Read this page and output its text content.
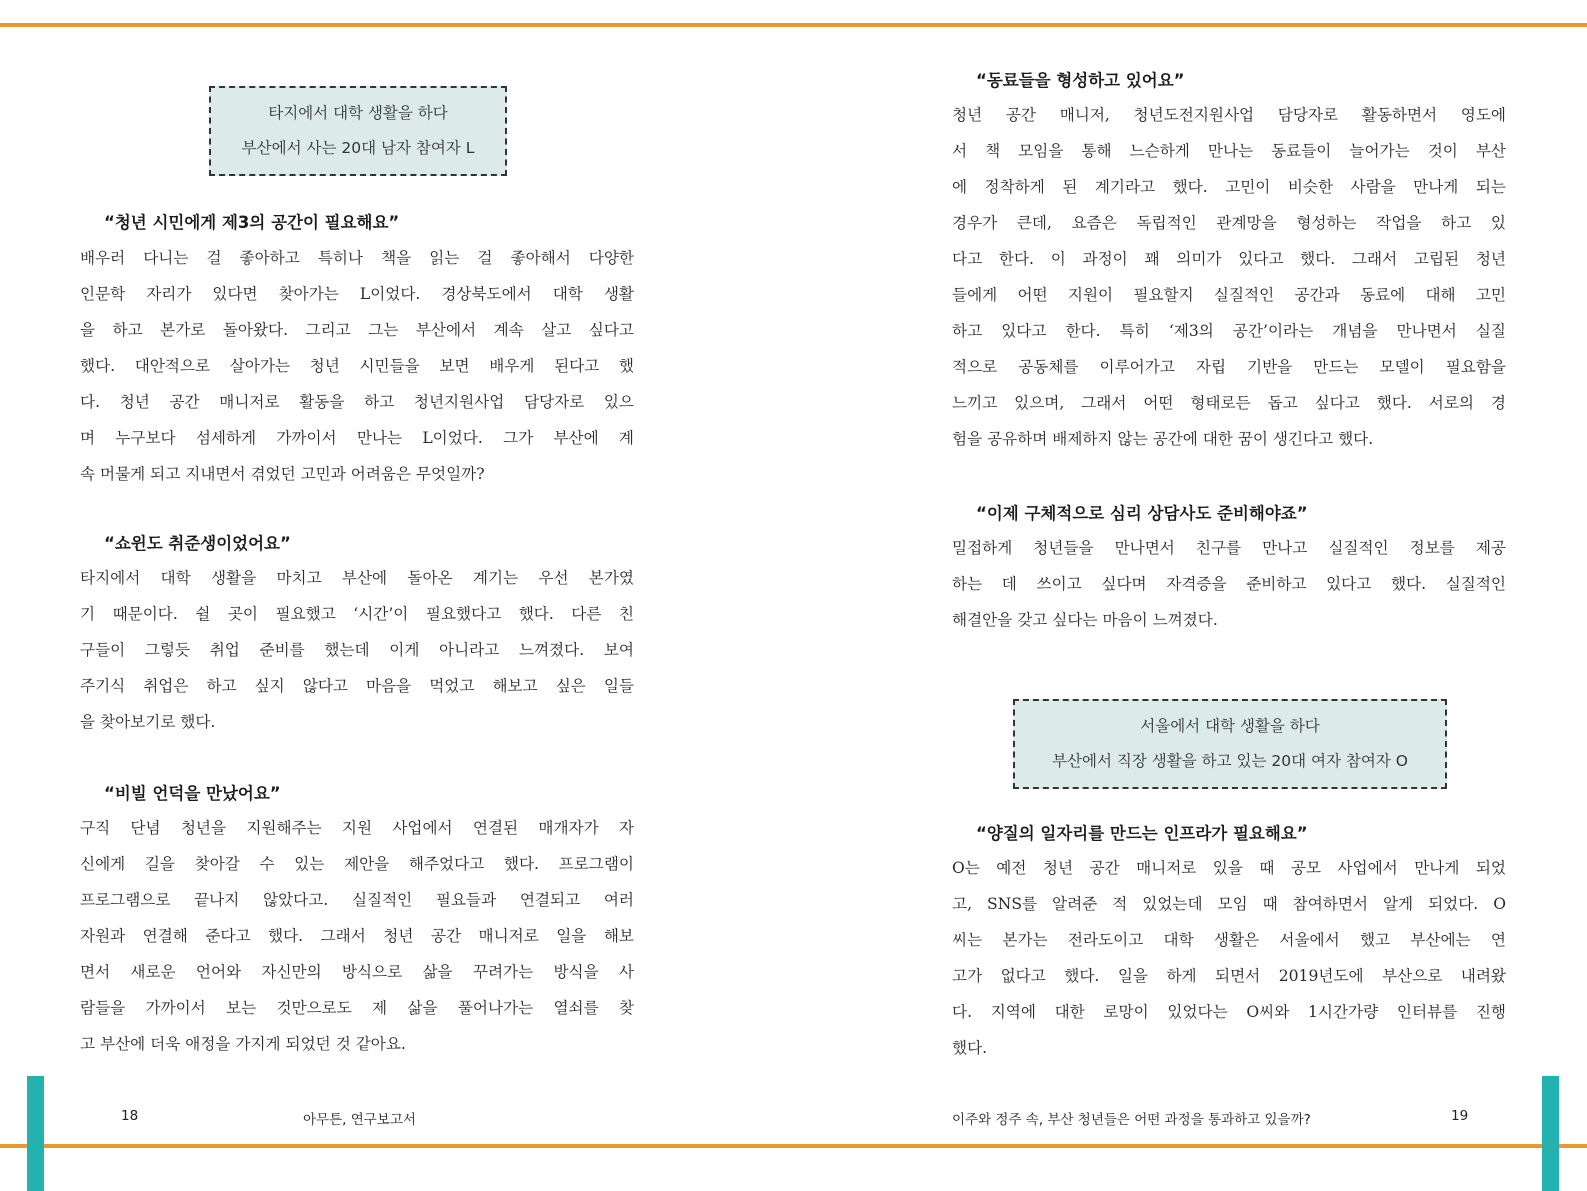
타지에서 대학 생활을 하다
부산에서 사는 20대 남자 참여자 L
“청년 시민에게 제3의 공간이 필요해요”
배우러 다니는 걸 좋아하고 특히나 책을 읽는 걸 좋아해서 다양한
인문학 자리가 있다면 찾아가는 L이었다. 경상북도에서 대학 생활
을 하고 본가로 돌아왔다. 그리고 그는 부산에서 계속 살고 싶다고
했다. 대안적으로 살아가는 청년 시민들을 보면 배우게 된다고 했
다. 청년 공간 매니저로 활동을 하고 청년지원사업 담당자로 있으
며 누구보다 섬세하게 가까이서 만나는 L이었다. 그가 부산에 계
속 머물게 되고 지내면서 겪었던 고민과 어려움은 무엇일까?
“쇼윈도 취준생이었어요”
타지에서 대학 생활을 마치고 부산에 돌아온 계기는 우선 본가였
기 때문이다. 쉴 곳이 필요했고 ‘시간’이 필요했다고 했다. 다른 친
구들이 그렇듯 취업 준비를 했는데 이게 아니라고 느껴졌다. 보여
주기식 취업은 하고 싶지 않다고 마음을 먹었고 해보고 싶은 일들
을 찾아보기로 했다.
“비빌 언덕을 만났어요”
구직 단념 청년을 지원해주는 지원 사업에서 연결된 매개자가 자
신에게 길을 찾아갈 수 있는 제안을 해주었다고 했다. 프로그램이
프로그램으로 끝나지 않았다고. 실질적인 필요들과 연결되고 여러
자원과 연결해 준다고 했다. 그래서 청년 공간 매니저로 일을 해보
면서 새로운 언어와 자신만의 방식으로 삶을 꾸려가는 방식을 사
람들을 가까이서 보는 것만으로도 제 삶을 풀어나가는 열쇠를 찾
고 부산에 더욱 애정을 가지게 되었던 것 같아요.
18	아무튼, 연구보고서
“동료들을 형성하고 있어요”
청년 공간 매니저, 청년도전지원사업 담당자로 활동하면서 영도에
서 책 모임을 통해 느슨하게 만나는 동료들이 늘어가는 것이 부산
에 정착하게 된 계기라고 했다. 고민이 비슷한 사람을 만나게 되는
경우가 큰데, 요즘은 독립적인 관계망을 형성하는 작업을 하고 있
다고 한다. 이 과정이 꽤 의미가 있다고 했다. 그래서 고립된 청년
들에게 어떤 지원이 필요할지 실질적인 공간과 동료에 대해 고민
하고 있다고 한다. 특히 ‘제3의 공간’이라는 개념을 만나면서 실질
적으로 공동체를 이루어가고 자립 기반을 만드는 모델이 필요함을
느끼고 있으며, 그래서 어떤 형태로든 돕고 싶다고 했다. 서로의 경
험을 공유하며 배제하지 않는 공간에 대한 꿈이 생긴다고 했다.
“이제 구체적으로 심리 상담사도 준비해야죠”
밀접하게 청년들을 만나면서 친구를 만나고 실질적인 정보를 제공
하는 데 쓰이고 싶다며 자격증을 준비하고 있다고 했다. 실질적인
해결안을 갖고 싶다는 마음이 느껴졌다.
서울에서 대학 생활을 하다
부산에서 직장 생활을 하고 있는 20대 여자 참여자 O
“양질의 일자리를 만드는 인프라가 필요해요”
O는 예전 청년 공간 매니저로 있을 때 공모 사업에서 만나게 되었
고, SNS를 알려준 적 있었는데 모임 때 참여하면서 알게 되었다. O
씨는 본가는 전라도이고 대학 생활은 서울에서 했고 부산에는 연
고가 없다고 했다. 일을 하게 되면서 2019년도에 부산으로 내려왔
다. 지역에 대한 로망이 있었다는 O씨와 1시간가량 인터뷰를 진행
했다.
이주와 정주 속, 부산 청년들은 어떤 과정을 통과하고 있을까?	19
